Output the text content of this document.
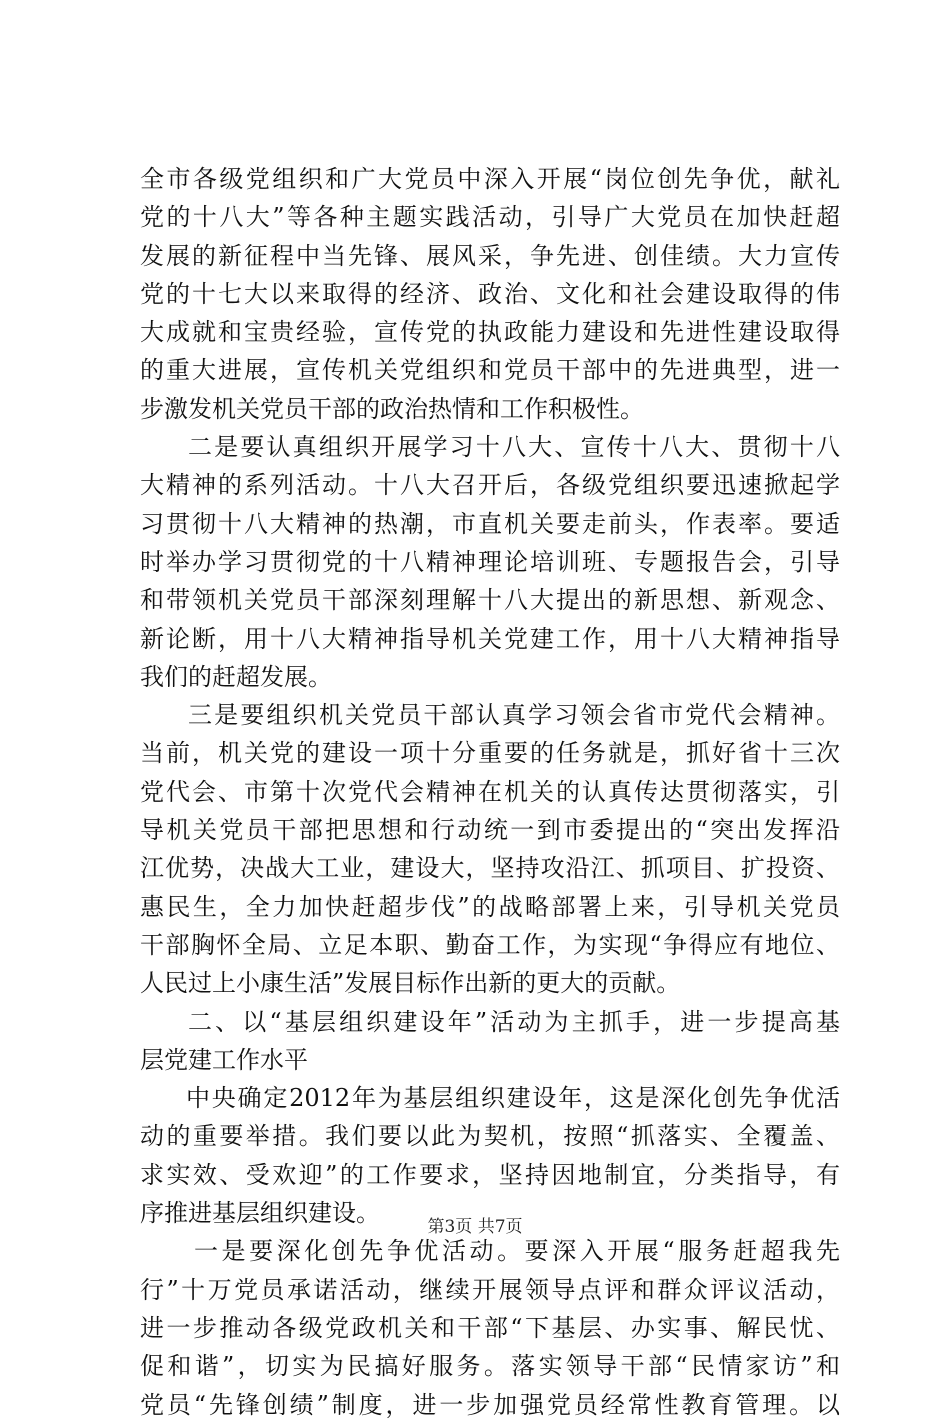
全市各级党组织和广大党员中深入开展“岗位创先争优，献礼
党的十八大”等各种主题实践活动，引导广大党员在加快赶超
发展的新征程中当先锋、展风采，争先进、创佳绩。大力宣传
党的十七大以来取得的经济、政治、文化和社会建设取得的伟
大成就和宝贵经验，宣传党的执政能力建设和先进性建设取得
的重大进展，宣传机关党组织和党员干部中的先进典型，进一
步激发机关党员干部的政治热情和工作积极性。
二是要认真组织开展学习十八大、宣传十八大、贯彻十八
大精神的系列活动。十八大召开后，各级党组织要迅速掀起学
习贯彻十八大精神的热潮，市直机关要走前头，作表率。要适
时举办学习贯彻党的十八精神理论培训班、专题报告会，引导
和带领机关党员干部深刻理解十八大提出的新思想、新观念、
新论断，用十八大精神指导机关党建工作，用十八大精神指导
我们的赶超发展。
三是要组织机关党员干部认真学习领会省市党代会精神。
当前，机关党的建设一项十分重要的任务就是，抓好省十三次
党代会、市第十次党代会精神在机关的认真传达贯彻落实，引
导机关党员干部把思想和行动统一到市委提出的“突出发挥沿
江优势，决战大工业，建设大，坚持攻沿江、抓项目、扩投资、
惠民生，全力加快赶超步伐”的战略部署上来，引导机关党员
干部胸怀全局、立足本职、勤奋工作，为实现“争得应有地位、
人民过上小康生活”发展目标作出新的更大的贡献。
二、以“基层组织建设年”活动为主抓手，进一步提高基
层党建工作水平
中央确定2012年为基层组织建设年，这是深化创先争优活
动的重要举措。我们要以此为契机，按照“抓落实、全覆盖、
求实效、受欢迎”的工作要求，坚持因地制宜，分类指导，有
序推进基层组织建设。
一是要深化创先争优活动。要深入开展“服务赶超我先
行”十万党员承诺活动，继续开展领导点评和群众评议活动，
进一步推动各级党政机关和干部“下基层、办实事、解民忧、
促和谐”，切实为民搞好服务。落实领导干部“民情家访”和
党员“先锋创绩”制度，进一步加强党员经常性教育管理。以
第3页 共7页
